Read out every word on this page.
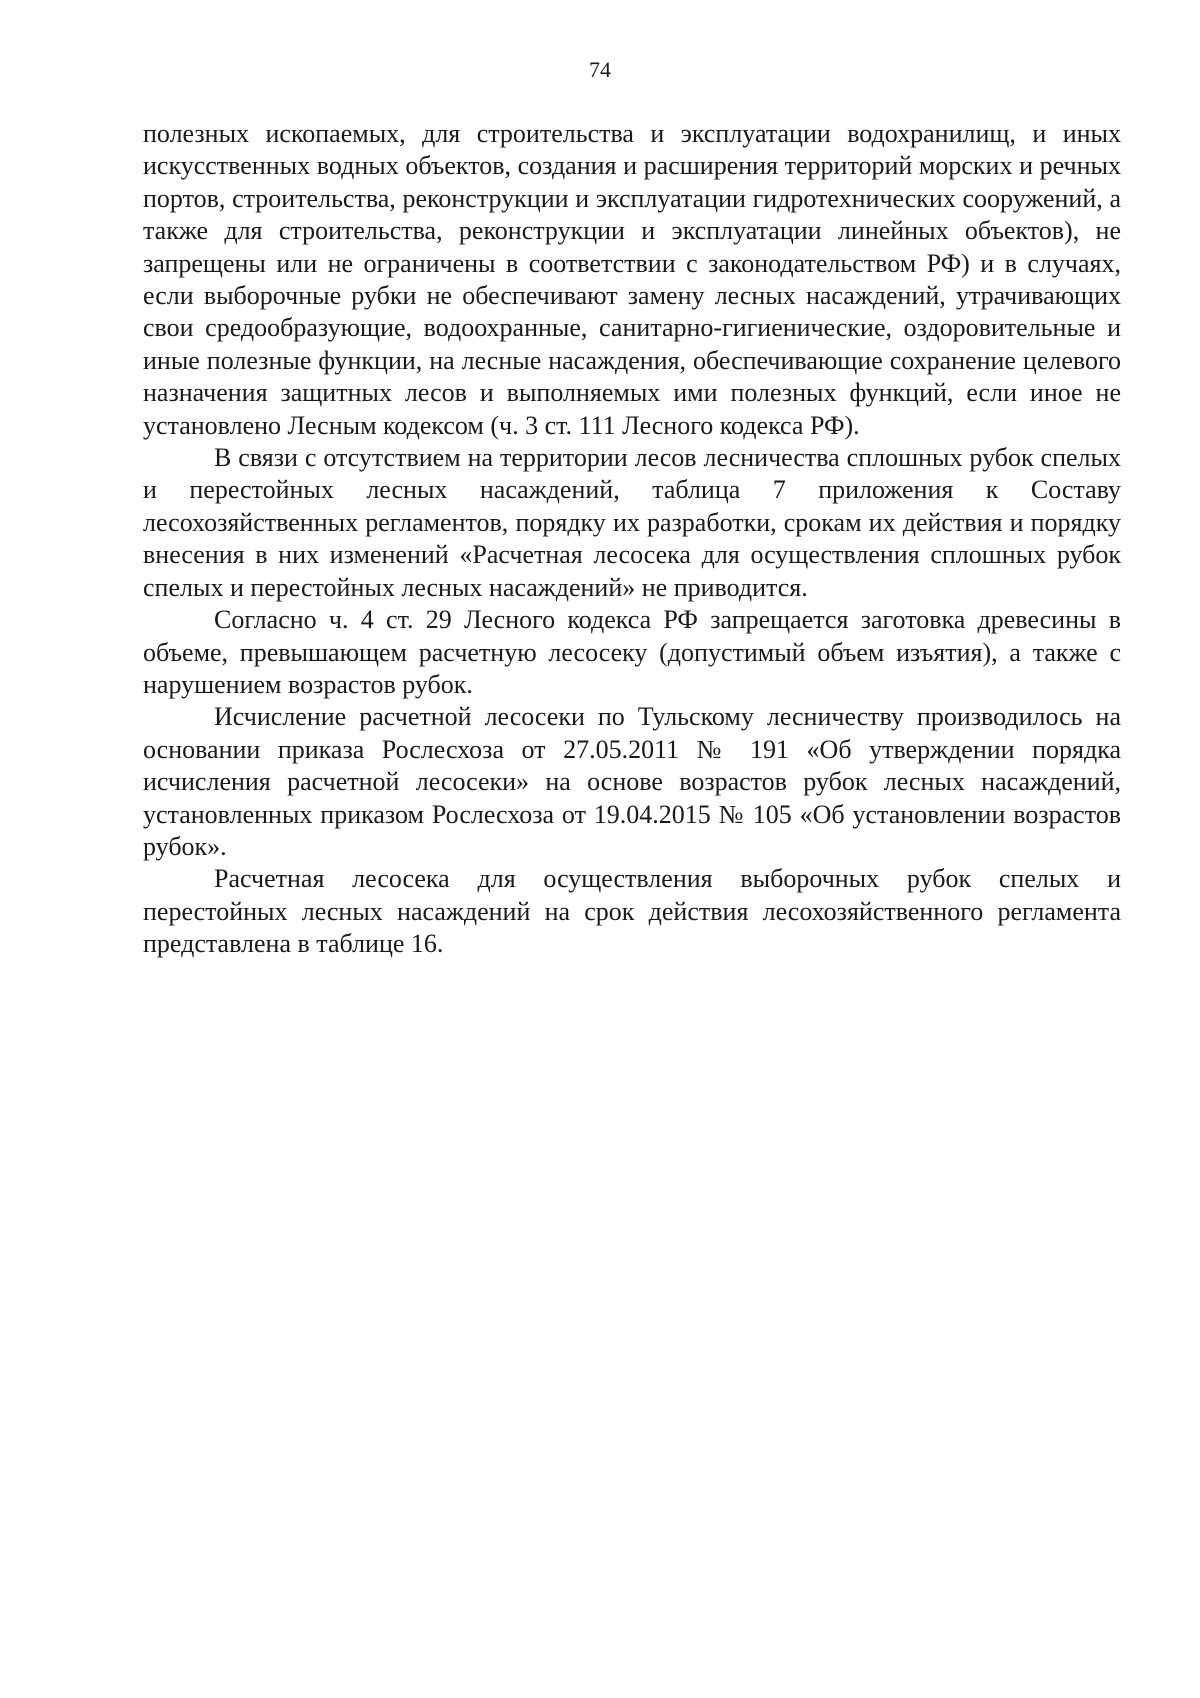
74

полезных ископаемых, для строительства и эксплуатации водохранилищ, и иных искусственных водных объектов, создания и расширения территорий морских и речных портов, строительства, реконструкции и эксплуатации гидротехнических сооружений, а также для строительства, реконструкции и эксплуатации линейных объектов), не запрещены или не ограничены в соответствии с законодательством РФ) и в случаях, если выборочные рубки не обеспечивают замену лесных насаждений, утрачивающих свои средообразующие, водоохранные, санитарно-гигиенические, оздоровительные и иные полезные функции, на лесные насаждения, обеспечивающие сохранение целевого назначения защитных лесов и выполняемых ими полезных функций, если иное не установлено Лесным кодексом (ч. 3 ст. 111 Лесного кодекса РФ).

В связи с отсутствием на территории лесов лесничества сплошных рубок спелых и перестойных лесных насаждений, таблица 7 приложения к Составу лесохозяйственных регламентов, порядку их разработки, срокам их действия и порядку внесения в них изменений «Расчетная лесосека для осуществления сплошных рубок спелых и перестойных лесных насаждений» не приводится.

Согласно ч. 4 ст. 29 Лесного кодекса РФ запрещается заготовка древесины в объеме, превышающем расчетную лесосеку (допустимый объем изъятия), а также с нарушением возрастов рубок.

Исчисление расчетной лесосеки по Тульскому лесничеству производилось на основании приказа Рослесхоза от 27.05.2011 № 191 «Об утверждении порядка исчисления расчетной лесосеки» на основе возрастов рубок лесных насаждений, установленных приказом Рослесхоза от 19.04.2015 № 105 «Об установлении возрастов рубок».

Расчетная лесосека для осуществления выборочных рубок спелых и перестойных лесных насаждений на срок действия лесохозяйственного регламента представлена в таблице 16.
